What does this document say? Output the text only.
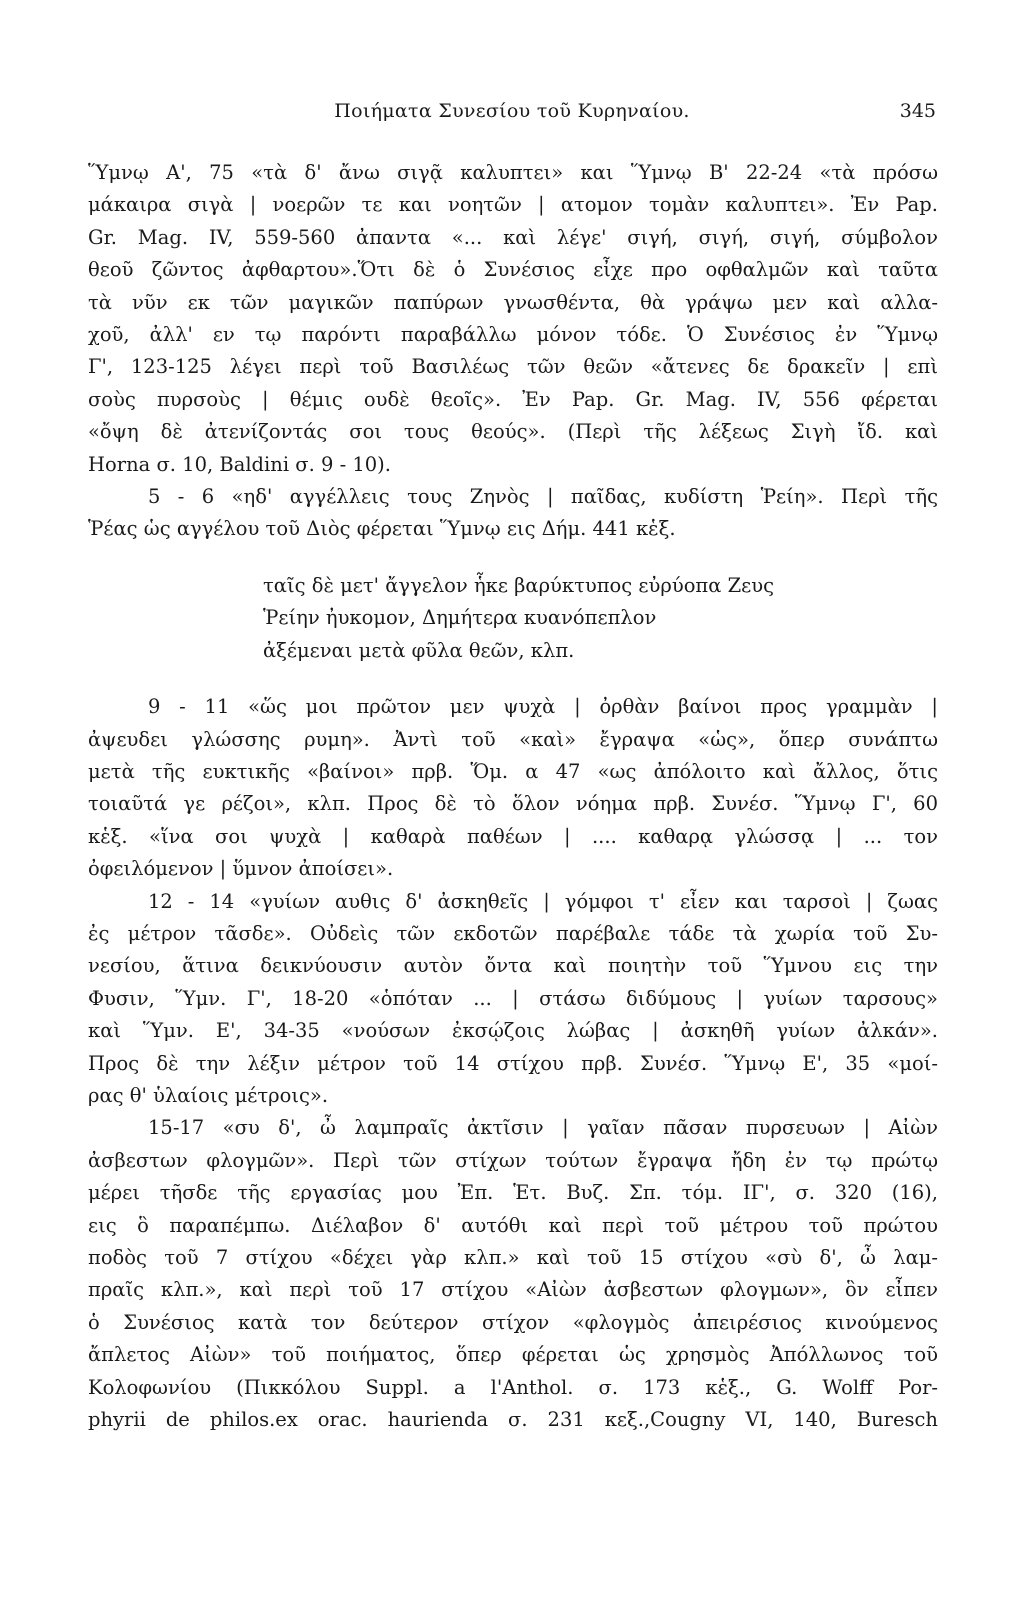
Ποιήματα Συνεσίου τοῦ Κυρηναίου.	345
Ὕμνῳ Α', 75 «τὰ δ' ἄνω σιγᾷ καλυπτει» και Ὕμνῳ Β' 22-24 «τὰ πρόσω
μάκαιρα σιγὰ | νοερῶν τε και νοητῶν | ατομον τομὰν καλυπτει». Ἐν Pap.
Gr. Mag. IV, 559-560 ἀπαντα «... καὶ λέγε' σιγή, σιγή, σιγή, σύμβολον
θεοῦ ζῶντος ἀφθαρτου».Ὅτι δὲ ὁ Συνέσιος εἶχε προ οφθαλμῶν καὶ ταῦτα
τὰ νῦν εκ τῶν μαγικῶν παπύρων γνωσθέντα, θὰ γράψω μεν καὶ αλλα-
χοῦ, ἀλλ' εν τῳ παρόντι παραβάλλω μόνον τόδε. Ὁ Συνέσιος ἐν Ὕμνῳ
Γ', 123-125 λέγει περὶ τοῦ Βασιλέως τῶν θεῶν «ἄτενες δε δρακεῖν | επὶ
σοὺς πυρσοὺς | θέμις ουδὲ θεοῖς». Ἐν Pap. Gr. Mag. IV, 556 φέρεται
«ὄψη δὲ ἀτενίζοντάς σοι τους θεούς». (Περὶ τῆς λέξεως Σιγὴ ἴδ. καὶ
Horna σ. 10, Baldini σ. 9 - 10).
5 - 6 «ηδ' αγγέλλεις τους Ζηνὸς | παῖδας, κυδίστη Ῥείη». Περὶ τῆς
Ῥέας ὡς αγγέλου τοῦ Διὸς φέρεται Ὕμνῳ εις Δήμ. 441 κἑξ.
ταῖς δὲ μετ' ἄγγελον ἧκε βαρύκτυπος εὐρύοπα Ζευς
Ῥείην ἠυκομον, Δημήτερα κυανόπεπλον
ἀξέμεναι μετὰ φῦλα θεῶν, κλπ.
9 - 11 «ὥς μοι πρῶτον μεν ψυχὰ | ὀρθὰν βαίνοι προς γραμμὰν |
ἀψευδει γλώσσης ρυμη». Ἀντὶ τοῦ «καὶ» ἔγραψα «ὡς», ὅπερ συνάπτω
μετὰ τῆς ευκτικῆς «βαίνοι» πρβ. Ὅμ. α 47 «ως ἀπόλοιτο καὶ ἄλλος, ὅτις
τοιαῦτά γε ρέζοι», κλπ. Προς δὲ τὸ ὅλον νόημα πρβ. Συνέσ. Ὕμνῳ Γ', 60
κἑξ. «ἵνα σοι ψυχὰ | καθαρὰ παθέων | .... καθαρᾳ γλώσσᾳ | ... τον
ὀφειλόμενον | ὕμνον ἀποίσει».
12 - 14 «γυίων αυθις δ' ἀσκηθεῖς | γόμφοι τ' εἶεν και ταρσοὶ | ζωας
ἐς μέτρον τᾶσδε». Οὐδεὶς τῶν εκδοτῶν παρέβαλε τάδε τὰ χωρία τοῦ Συ-
νεσίου, ἅτινα δεικνύουσιν αυτὸν ὄντα καὶ ποιητὴν τοῦ Ὕμνου εις την
Φυσιν, Ὕμν. Γ', 18-20 «ὁπόταν ... | στάσω διδύμους | γυίων ταρσους»
καὶ Ὕμν. Ε', 34-35 «νούσων ἐκσῴζοις λώβας | ἀσκηθῆ γυίων ἀλκάν».
Προς δὲ την λέξιν μέτρον τοῦ 14 στίχου πρβ. Συνέσ. Ὕμνῳ Ε', 35 «μοί-
ρας θ' ὑλαίοις μέτροις».
15-17 «συ δ', ὦ λαμπραῖς ἀκτῖσιν | γαῖαν πᾶσαν πυρσευων | Αἰὼν
ἀσβεστων φλογμῶν». Περὶ τῶν στίχων τούτων ἔγραψα ἤδη ἐν τῳ πρώτῳ
μέρει τῆσδε τῆς εργασίας μου Ἐπ. Ἑτ. Βυζ. Σπ. τόμ. ΙΓ', σ. 320 (16),
εις ὃ παραπέμπω. Διέλαβον δ' αυτόθι καὶ περὶ τοῦ μέτρου τοῦ πρώτου
ποδὸς τοῦ 7 στίχου «δέχει γὰρ κλπ.» καὶ τοῦ 15 στίχου «σὺ δ', ὦ λαμ-
πραῖς κλπ.», καὶ περὶ τοῦ 17 στίχου «Αἰὼν ἀσβεστων φλογμων», ὃν εἶπεν
ὁ Συνέσιος κατὰ τον δεύτερον στίχον «φλογμὸς ἀπειρέσιος κινούμενος
ἄπλετος Αἰὼν» τοῦ ποιήματος, ὅπερ φέρεται ὡς χρησμὸς Ἀπόλλωνος τοῦ
Κολοφωνίου (Πικκόλου Suppl. a l'Anthol. σ. 173 κἑξ., G. Wolff Por-
phyrii de philos.ex orac. haurienda σ. 231 κεξ.,Cougny VI, 140, Buresch
